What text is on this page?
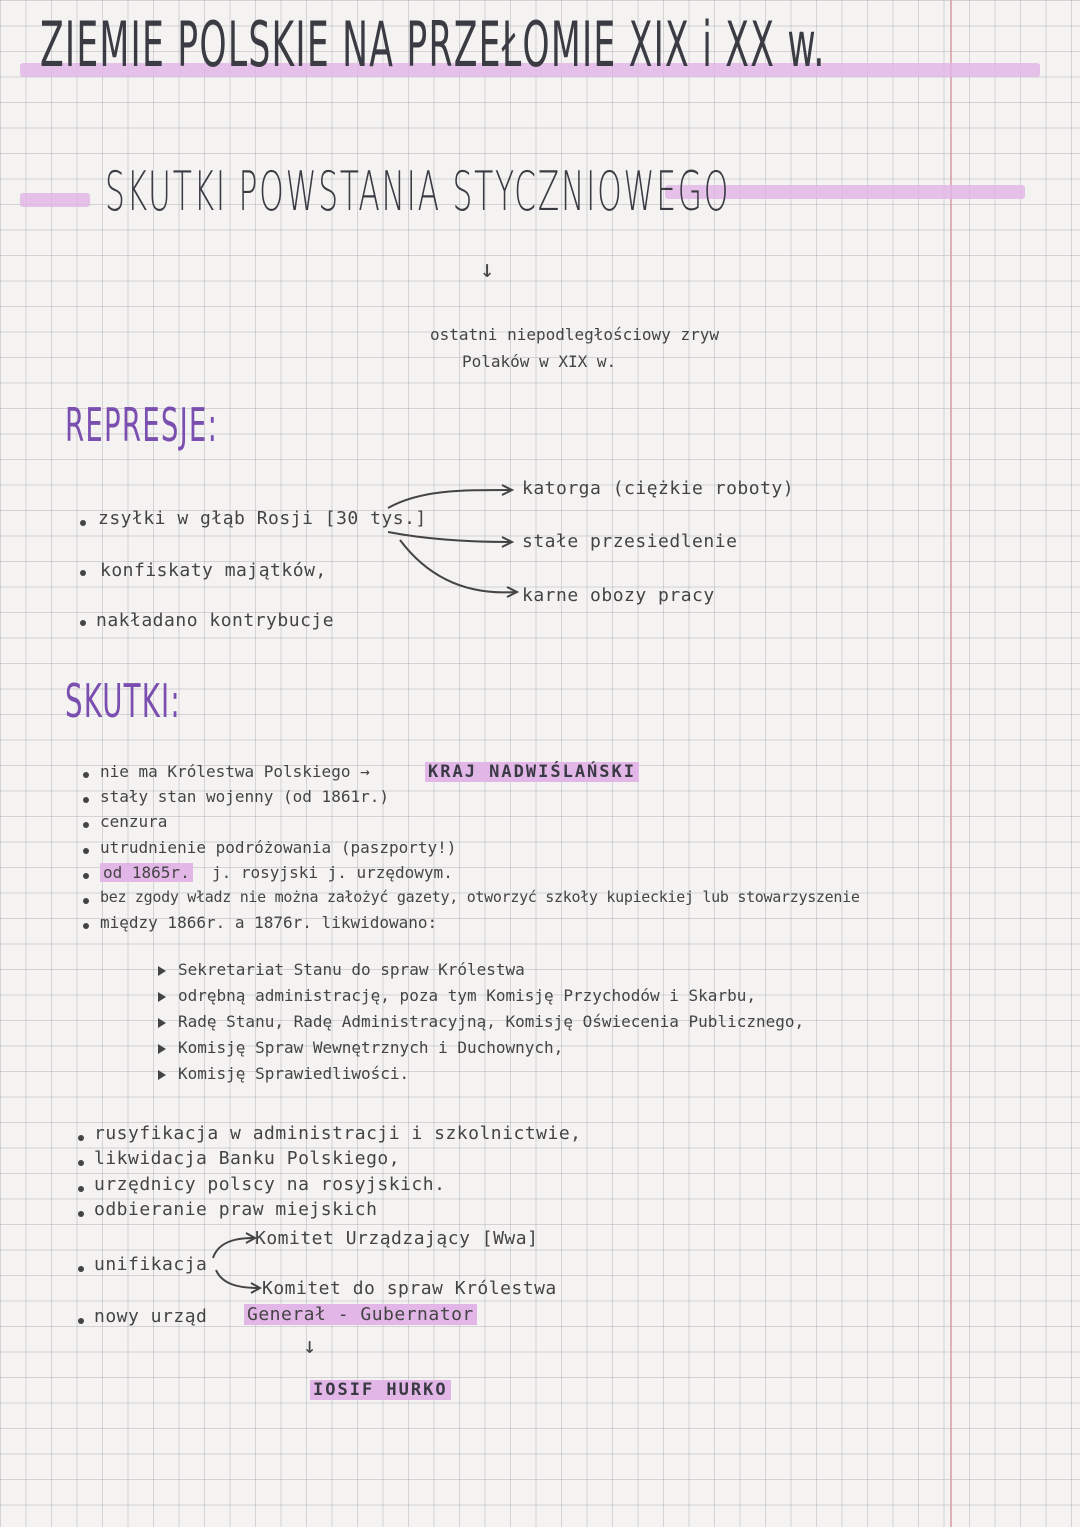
ZIEMIE POLSKIE NA PRZEŁOMIE XIX i XX w.
SKUTKI POWSTANIA STYCZNIOWEGO
↓
ostatni niepodległościowy zryw
Polaków w XIX w.
REPRESJE:
zsyłki w głąb Rosji [30 tys.]
konfiskaty majątków,
nakładano kontrybucje
katorga (ciężkie roboty)
stałe przesiedlenie
karne obozy pracy
SKUTKI:
nie ma Królestwa Polskiego →	KRAJ NADWIŚLAŃSKI
stały stan wojenny (od 1861r.)
cenzura
utrudnienie podróżowania (paszporty!)
od 1865r. j. rosyjski j. urzędowym.
bez zgody władz nie można założyć gazety, otworzyć szkoły kupieckiej lub stowarzyszenie
między 1866r. a 1876r. likwidowano:
Sekretariat Stanu do spraw Królestwa
odrębną administrację, poza tym Komisję Przychodów i Skarbu,
Radę Stanu, Radę Administracyjną, Komisję Oświecenia Publicznego,
Komisję Spraw Wewnętrznych i Duchownych,
Komisję Sprawiedliwości.
rusyfikacja w administracji i szkolnictwie,
likwidacja Banku Polskiego,
urzędnicy polscy na rosyjskich.
odbieranie praw miejskich
unifikacja
Komitet Urządzający [Wwa]
Komitet do spraw Królestwa
nowy urząd Generał - Gubernator
↓
IOSIF HURKO
